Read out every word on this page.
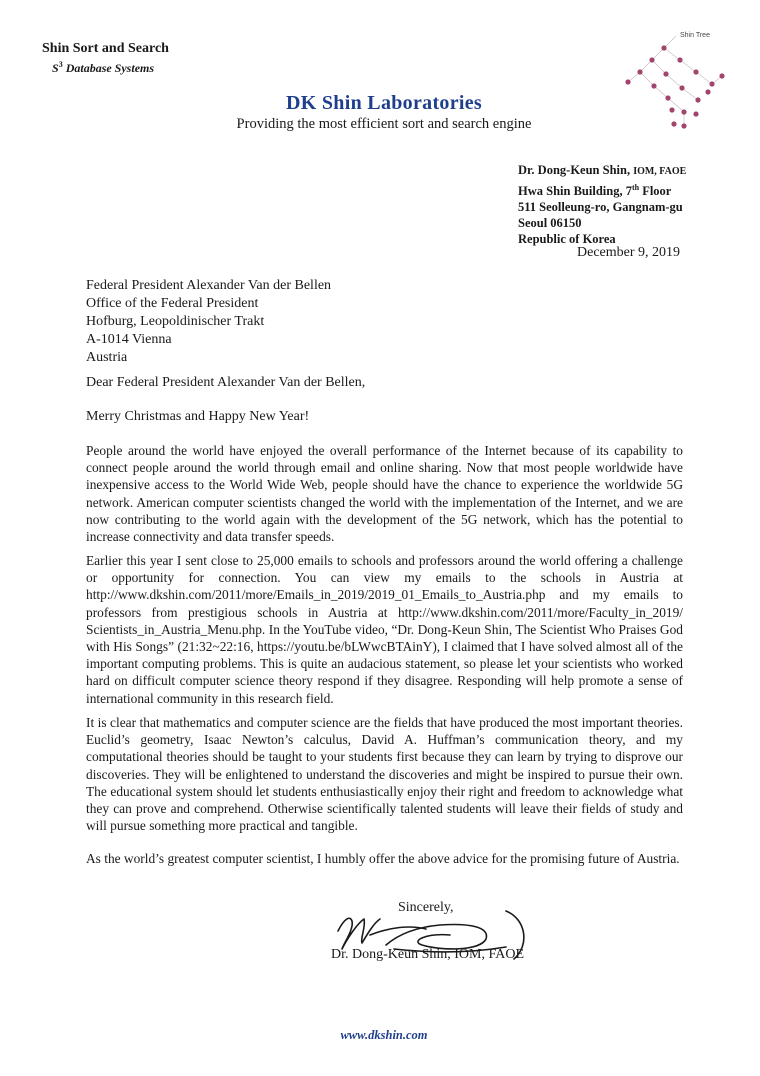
Shin Sort and Search
$S^3$ Database Systems
DK Shin Laboratories
Providing the most efficient sort and search engine
Shin Tree
Dr. Dong-Keun Shin, IOM, FAOE
Hwa Shin Building, 7th Floor
511 Seolleung-ro, Gangnam-gu
Seoul 06150
Republic of Korea
December 9, 2019
Federal President Alexander Van der Bellen
Office of the Federal President
Hofburg, Leopoldinischer Trakt
A-1014 Vienna
Austria
Dear Federal President Alexander Van der Bellen,
Merry Christmas and Happy New Year!
People around the world have enjoyed the overall performance of the Internet because of its capability to connect people around the world through email and online sharing. Now that most people worldwide have inexpensive access to the World Wide Web, people should have the chance to experience the worldwide 5G network. American computer scientists changed the world with the implementation of the Internet, and we are now contributing to the world again with the development of the 5G network, which has the potential to increase connectivity and data transfer speeds.
Earlier this year I sent close to 25,000 emails to schools and professors around the world offering a challenge or opportunity for connection. You can view my emails to the schools in Austria at http://www.dkshin.com/2011/more/Emails_in_2019/2019_01_Emails_to_Austria.php and my emails to professors from prestigious schools in Austria at http://www.dkshin.com/2011/more/Faculty_in_2019/ Scientists_in_Austria_Menu.php. In the YouTube video, “Dr. Dong-Keun Shin, The Scientist Who Praises God with His Songs” (21:32~22:16, https://youtu.be/bLWwcBTAinY), I claimed that I have solved almost all of the important computing problems. This is quite an audacious statement, so please let your scientists who worked hard on difficult computer science theory respond if they disagree. Responding will help promote a sense of international community in this research field.
It is clear that mathematics and computer science are the fields that have produced the most important theories. Euclid’s geometry, Isaac Newton’s calculus, David A. Huffman’s communication theory, and my computational theories should be taught to your students first because they can learn by trying to disprove our discoveries. They will be enlightened to understand the discoveries and might be inspired to pursue their own. The educational system should let students enthusiastically enjoy their right and freedom to acknowledge what they can prove and comprehend. Otherwise scientifically talented students will leave their fields of study and will pursue something more practical and tangible.
As the world’s greatest computer scientist, I humbly offer the above advice for the promising future of Austria.
Sincerely,
Dr. Dong-Keun Shin, IOM, FAOE
www.dkshin.com
